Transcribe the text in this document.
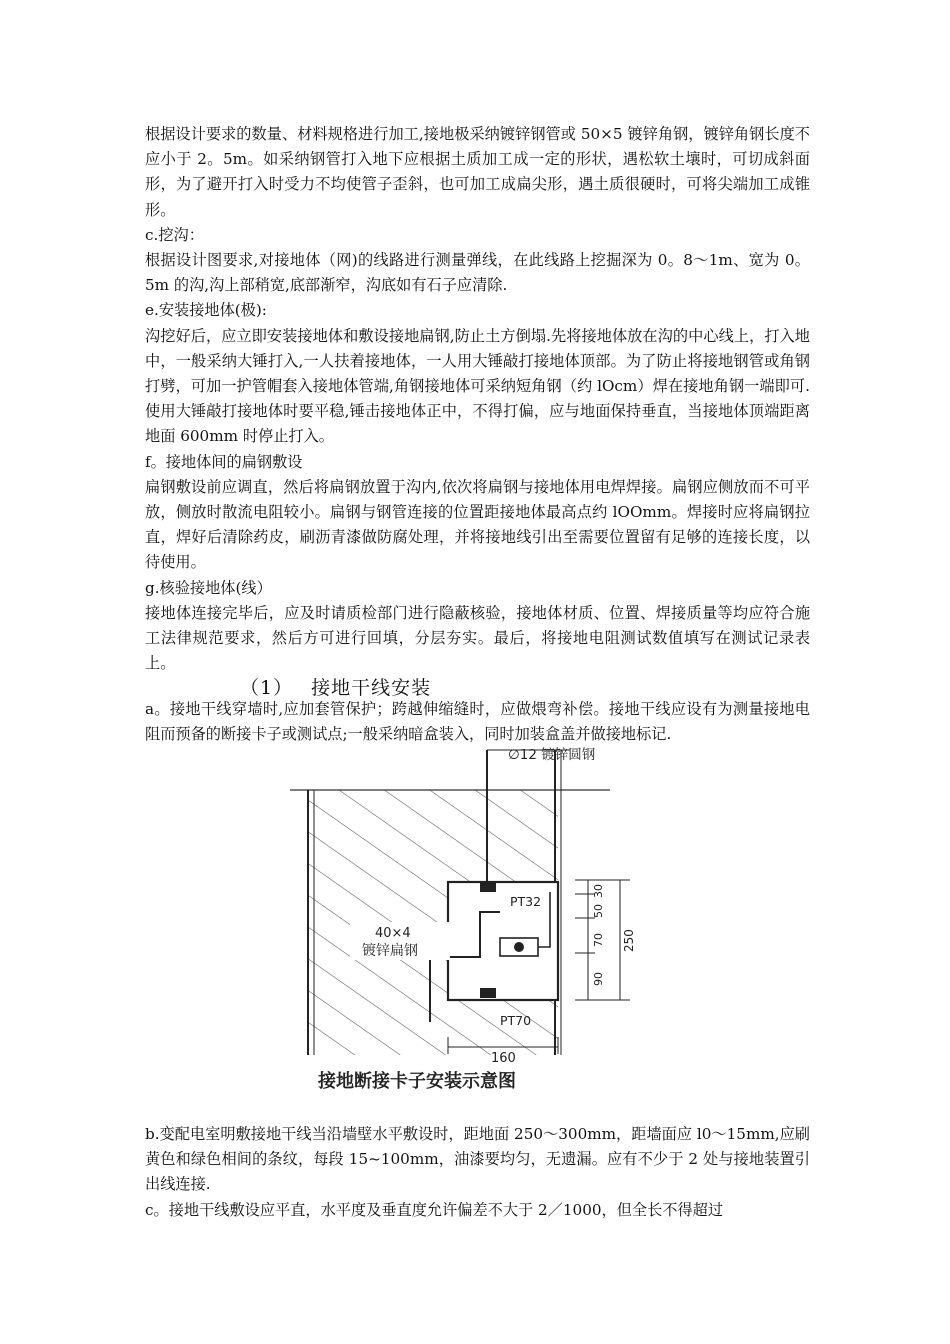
根据设计要求的数量、材料规格进行加工,接地极采纳镀锌钢管或 50×5 镀锌角钢，镀锌角钢长度不应小于 2。5m。如采纳钢管打入地下应根据土质加工成一定的形状，遇松软土壤时，可切成斜面形，为了避开打入时受力不均使管子歪斜，也可加工成扁尖形，遇土质很硬时，可将尖端加工成锥形。

c.挖沟：

根据设计图要求,对接地体（网)的线路进行测量弹线，在此线路上挖掘深为 0。8～1m、宽为 0。5m 的沟,沟上部稍宽,底部渐窄，沟底如有石子应清除.

e.安装接地体(极):

沟挖好后，应立即安装接地体和敷设接地扁钢,防止土方倒塌.先将接地体放在沟的中心线上，打入地中，一般采纳大锤打入,一人扶着接地体，一人用大锤敲打接地体顶部。为了防止将接地钢管或角钢打劈，可加一护管帽套入接地体管端,角钢接地体可采纳短角钢（约 lOcm）焊在接地角钢一端即可.使用大锤敲打接地体时要平稳,锤击接地体正中，不得打偏，应与地面保持垂直，当接地体顶端距离地面 600mm 时停止打入。

f。接地体间的扁钢敷设

扁钢敷设前应调直，然后将扁钢放置于沟内,依次将扁钢与接地体用电焊焊接。扁钢应侧放而不可平放，侧放时散流电阻较小。扁钢与钢管连接的位置距接地体最高点约 lOOmm。焊接时应将扁钢拉直，焊好后清除药皮，刷沥青漆做防腐处理，并将接地线引出至需要位置留有足够的连接长度，以待使用。

g.核验接地体(线）

接地体连接完毕后，应及时请质检部门进行隐蔽核验，接地体材质、位置、焊接质量等均应符合施工法律规范要求，然后方可进行回填，分层夯实。最后，将接地电阻测试数值填写在测试记录表上。

（1） 接地干线安装

a。接地干线穿墙时,应加套管保护；跨越伸缩缝时，应做煨弯补偿。接地干线应设有为测量接地电阻而预备的断接卡子或测试点;一般采纳暗盒装入，同时加装盒盖并做接地标记.

∅12 镀锌圆钢
PT32
PT70
40×4
镀锌扁钢
160
30
50
70
90
250
接地断接卡子安装示意图

b.变配电室明敷接地干线当沿墙壁水平敷设时，距地面 250～300mm，距墙面应 l0～15mm,应刷黄色和绿色相间的条纹，每段 15~100mm，油漆要均匀，无遗漏。应有不少于 2 处与接地装置引出线连接.

c。接地干线敷设应平直，水平度及垂直度允许偏差不大于 2／1000，但全长不得超过
